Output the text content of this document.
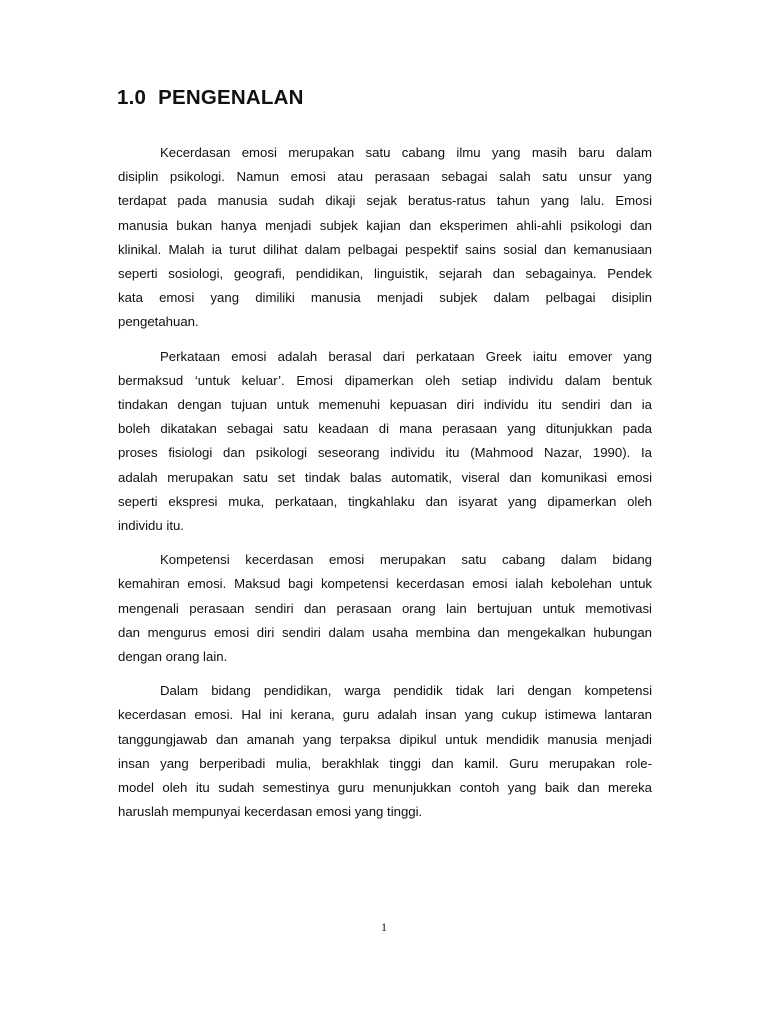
1.0 PENGENALAN
Kecerdasan emosi merupakan satu cabang ilmu yang masih baru dalam
disiplin psikologi. Namun emosi atau perasaan sebagai salah satu unsur yang
terdapat pada manusia sudah dikaji sejak beratus-ratus tahun yang lalu. Emosi
manusia bukan hanya menjadi subjek kajian dan eksperimen ahli-ahli psikologi dan
klinikal. Malah ia turut dilihat dalam pelbagai pespektif sains sosial dan kemanusiaan
seperti sosiologi, geografi, pendidikan, linguistik, sejarah dan sebagainya. Pendek
kata emosi yang dimiliki manusia menjadi subjek dalam pelbagai disiplin
pengetahuan.
Perkataan emosi adalah berasal dari perkataan Greek iaitu emover yang
bermaksud ‘untuk keluar’. Emosi dipamerkan oleh setiap individu dalam bentuk
tindakan dengan tujuan untuk memenuhi kepuasan diri individu itu sendiri dan ia
boleh dikatakan sebagai satu keadaan di mana perasaan yang ditunjukkan pada
proses fisiologi dan psikologi seseorang individu itu (Mahmood Nazar, 1990). Ia
adalah merupakan satu set tindak balas automatik, viseral dan komunikasi emosi
seperti ekspresi muka, perkataan, tingkahlaku dan isyarat yang dipamerkan oleh
individu itu.
Kompetensi kecerdasan emosi merupakan satu cabang dalam bidang
kemahiran emosi. Maksud bagi kompetensi kecerdasan emosi ialah kebolehan untuk
mengenali perasaan sendiri dan perasaan orang lain bertujuan untuk memotivasi
dan mengurus emosi diri sendiri dalam usaha membina dan mengekalkan hubungan
dengan orang lain.
Dalam bidang pendidikan, warga pendidik tidak lari dengan kompetensi
kecerdasan emosi. Hal ini kerana, guru adalah insan yang cukup istimewa lantaran
tanggungjawab dan amanah yang terpaksa dipikul untuk mendidik manusia menjadi
insan yang berperibadi mulia, berakhlak tinggi dan kamil. Guru merupakan role-
model oleh itu sudah semestinya guru menunjukkan contoh yang baik dan mereka
haruslah mempunyai kecerdasan emosi yang tinggi.
1
